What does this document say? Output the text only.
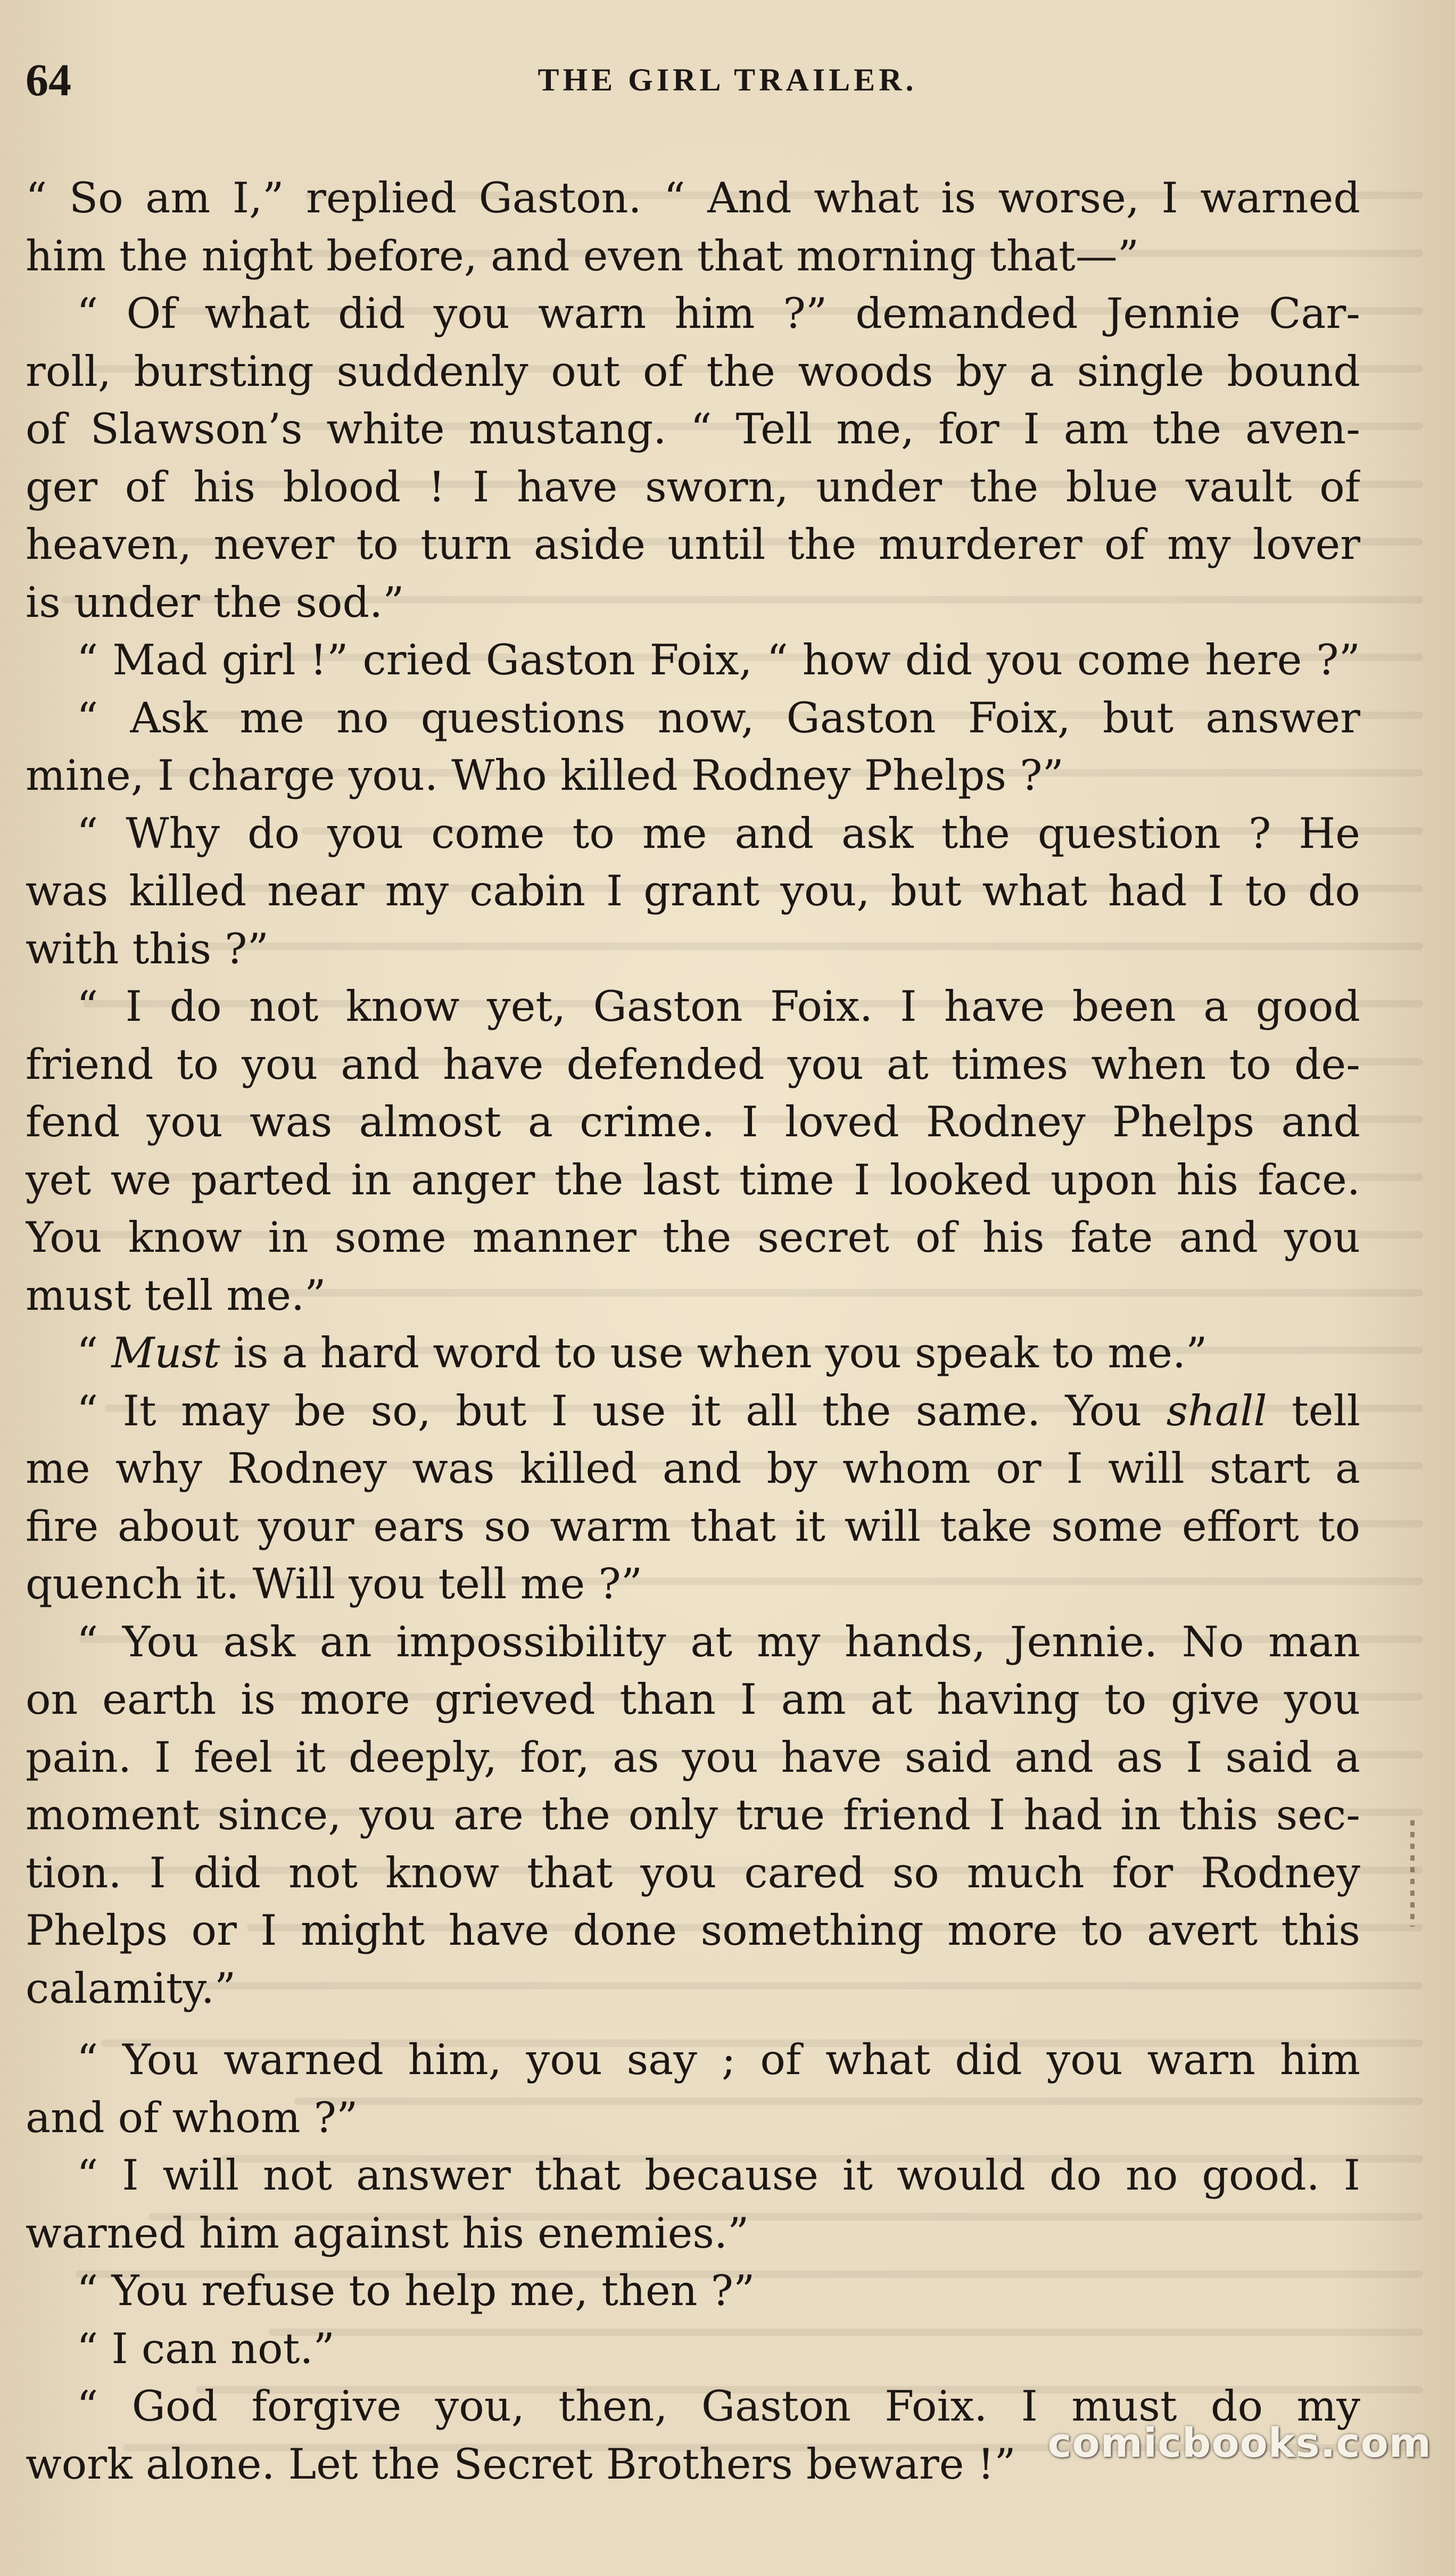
64	THE GIRL TRAILER.
“ So am I,” replied Gaston. “ And what is worse, I warned
him the night before, and even that morning that—”
“ Of what did you warn him ?” demanded Jennie Car-
roll, bursting suddenly out of the woods by a single bound
of Slawson’s white mustang. “ Tell me, for I am the aven-
ger of his blood ! I have sworn, under the blue vault of
heaven, never to turn aside until the murderer of my lover
is under the sod.”
“ Mad girl !” cried Gaston Foix, “ how did you come here ?”
“ Ask me no questions now, Gaston Foix, but answer
mine, I charge you. Who killed Rodney Phelps ?”
“ Why do you come to me and ask the question ? He
was killed near my cabin I grant you, but what had I to do
with this ?”
“ I do not know yet, Gaston Foix. I have been a good
friend to you and have defended you at times when to de-
fend you was almost a crime. I loved Rodney Phelps and
yet we parted in anger the last time I looked upon his face.
You know in some manner the secret of his fate and you
must tell me.”
“ Must is a hard word to use when you speak to me.”
“ It may be so, but I use it all the same. You shall tell
me why Rodney was killed and by whom or I will start a
fire about your ears so warm that it will take some effort to
quench it. Will you tell me ?”
“ You ask an impossibility at my hands, Jennie. No man
on earth is more grieved than I am at having to give you
pain. I feel it deeply, for, as you have said and as I said a
moment since, you are the only true friend I had in this sec-
tion. I did not know that you cared so much for Rodney
Phelps or I might have done something more to avert this
calamity.”
“ You warned him, you say ; of what did you warn him
and of whom ?”
“ I will not answer that because it would do no good. I
warned him against his enemies.”
“ You refuse to help me, then ?”
“ I can not.”
“ God forgive you, then, Gaston Foix. I must do my
work alone. Let the Secret Brothers beware !” comicbooks.com
